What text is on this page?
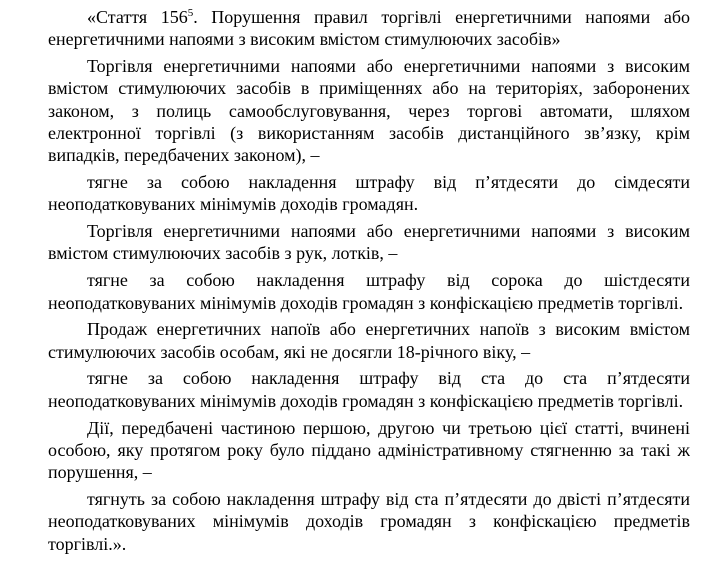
«Стаття $156^5$. Порушення правил торгівлі енергетичними напоями або енергетичними напоями з високим вмістом стимулюючих засобів»

Торгівля енергетичними напоями або енергетичними напоями з високим вмістом стимулюючих засобів в приміщеннях або на територіях, заборонених законом, з полиць самообслуговування, через торгові автомати, шляхом електронної торгівлі (з використанням засобів дистанційного зв’язку, крім випадків, передбачених законом), –

тягне за собою накладення штрафу від п’ятдесяти до сімдесяти неоподатковуваних мінімумів доходів громадян.

Торгівля енергетичними напоями або енергетичними напоями з високим вмістом стимулюючих засобів з рук, лотків, –

тягне за собою накладення штрафу від сорока до шістдесяти неоподатковуваних мінімумів доходів громадян з конфіскацією предметів торгівлі.

Продаж енергетичних напоїв або енергетичних напоїв з високим вмістом стимулюючих засобів особам, які не досягли 18-річного віку, –

тягне за собою накладення штрафу від ста до ста п’ятдесяти неоподатковуваних мінімумів доходів громадян з конфіскацією предметів торгівлі.

Дії, передбачені частиною першою, другою чи третьою цієї статті, вчинені особою, яку протягом року було піддано адміністративному стягненню за такі ж порушення, –

тягнуть за собою накладення штрафу від ста п’ятдесяти до двісті п’ятдесяти неоподатковуваних мінімумів доходів громадян з конфіскацією предметів торгівлі.».
